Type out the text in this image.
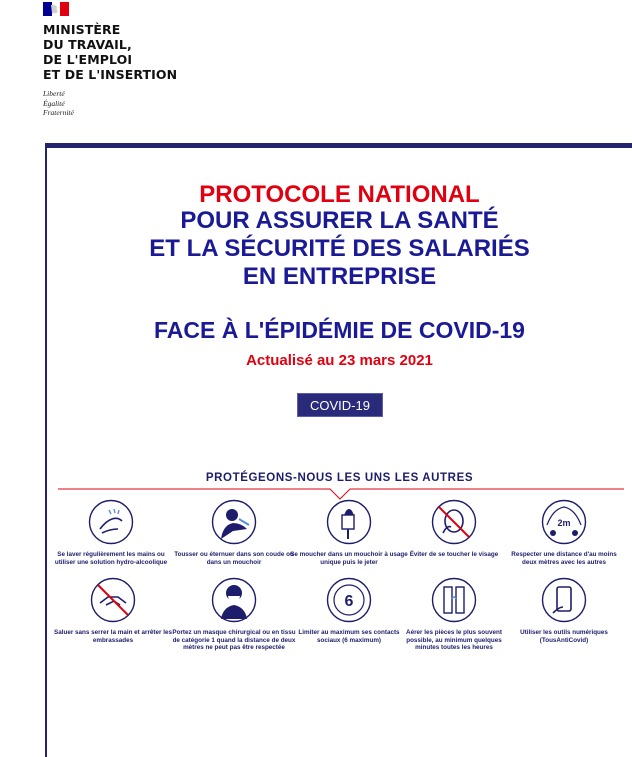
MINISTÈRE
DU TRAVAIL,
DE L'EMPLOI
ET DE L'INSERTION
Liberté
Égalité
Fraternité
PROTOCOLE NATIONAL
POUR ASSURER LA SANTÉ
ET LA SÉCURITÉ DES SALARIÉS
EN ENTREPRISE
FACE À L'ÉPIDÉMIE DE COVID-19
Actualisé au 23 mars 2021
COVID-19
PROTÉGEONS-NOUS LES UNS LES AUTRES
2m
Se laver régulièrement les mains ou utiliser une solution hydro-alcoolique
Tousser ou éternuer dans son coude ou dans un mouchoir
Se moucher dans un mouchoir à usage unique puis le jeter
Éviter de se toucher le visage	Respecter une distance d'au moins deux mètres avec les autres
6
Saluer sans serrer la main et arrêter les embrassades
Portez un masque chirurgical ou en tissu de catégorie 1 quand la distance de deux mètres ne peut pas être respectée
Limiter au maximum ses contacts sociaux (6 maximum)
Aérer les pièces le plus souvent possible, au minimum quelques minutes toutes les heures
Utiliser les outils numériques (TousAntiCovid)
